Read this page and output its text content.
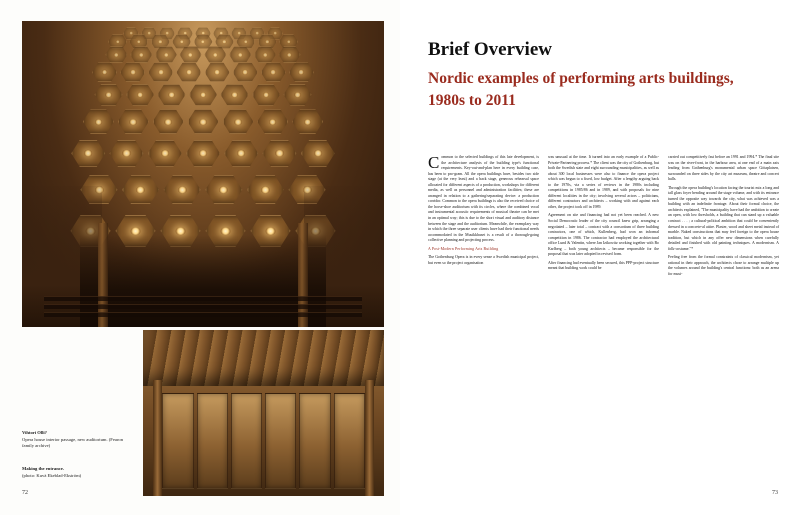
Vihtori Olli?
Opera house interior passage, new auditorium. (Fearon family archive)
Making the entrance.
(photo: Kuvä Ekeblad-Ekström)
72
Brief Overview
Nordic examples of performing arts buildings,
1980s to 2011

Common to the selected buildings of this late development, is the architecture analysis of the building type's functional requirements. Key-out-and-plan here in every building case, has been to pro-gram. All the opera buildings have, besides two side stage (at the very least) and a back stage, generous rehearsal space allocated for different aspects of a production, workshops for different media, as well as personnel and administration facilities; these are arranged in relation to a gathering/separating device: a production corridor. Common to the opera buildings is also the received choice of the horse-shoe auditorium with its circles, where the combined vocal and instrumental acoustic requirements of musical theatre can be met in an optimal way; this is due to the short visual and auditory distance between the stage and the auditorium. Meanwhile, the exemplary way in which the three separate user clients have had their functional needs accommodated in the Musikkhuset is a result of a thorough-going collective planning and projecting process.

A Post-Modern Performing Arts Building

The Gothenburg Opera is in every sense a Swedish municipal project, but even so the project organisation

was unusual at the time. It turned into an early example of a Public-Private-Partnering process.* The client was the city of Gothenburg, but both the Swedish state and eight surrounding municipalities, as well as about 300 local businesses were also to finance the opera project which was begun to a fixed, low budget. After a lengthy arguing back to the 1970s, via a series of reviews in the 1980s including competitions in 1985/86 and in 1989, and with proposals for nine different localities in the city; involving several actors – politicians, different contractors and architects – working with and against each other, the project took off in 1989.

Agreement on site and financing had not yet been reached. A new Social Democratic leader of the city council knew grip, arranging a negotiated – later total – contract with a consortium of three building contractors, one of which, Kullenberg, had won an informal competition in 1986. The contractor had employed the architectural office Lund & Valentin, where Jan Izikowitz working together with Bo Karlberg – both young architects – became responsible for the proposal that was later adopted in revised form.

After financing had eventually been secured, this PPP-project structure meant that building work could be

carried out competitively fast before an 1991 and 1994.* The final site was on the river-front, in the harbour area, at one end of a main axis leading from Gothenburg's monumental urban space Götaplatsen, surrounded on three sides by the city art museum, theatre and concert halls.

Through the opera building's location facing the tourist mix a long and tall glass foyer bending around the stage volume, and with its entrance turned the opposite way towards the city, what was achieved was a building with an indefinite frontage. About their formal choice, the architects explained, "The municipality have had the ambition to create an open, with low thresholds, a building that can stand up a valuable contract . . . ; a cultural-political ambition that could be conveniently dressed in a concrete-al attire. Plaster, wood and sheet metal instead of marble. Naked constructions that may feel foreign to the opera house tradition, but which in any offer new dimensions when carefully detailed and finished with old painting techniques. A modernism. A folk-costume."*

Feeling free from the formal constraints of classical modernism, yet rational in their approach, the architects chose to arrange multiple up the volumes around the building's central functions: both as an arena for musi-

73
